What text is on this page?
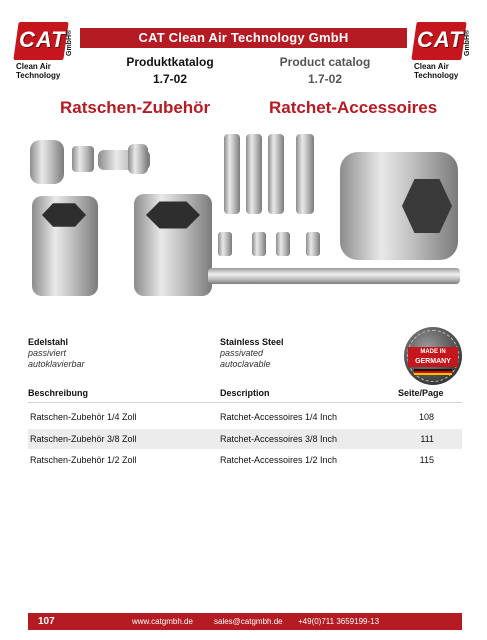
CAT GmbH®
Clean Air
Technology
CAT Clean Air Technology GmbH	CAT GmbH®
Clean Air
Technology
Produktkatalog	Product catalog
1.7-02	1.7-02
Ratschen-Zubehör	Ratchet-Accessoires
Edelstahl
passiviert
autoklavierbar
Stainless Steel
passivated
autoclavable
MADE IN
GERMANY
Beschreibung	Description	Seite/Page
Ratschen-Zubehör 1/4 Zoll	Ratchet-Accessoires 1/4 Inch	108
Ratschen-Zubehör 3/8 Zoll	Ratchet-Accessoires 3/8 Inch	111
Ratschen-Zubehör 1/2 Zoll	Ratchet-Accessoires 1/2 Inch	115
107	www.catgmbh.de	sales@catgmbh.de +49(0)711 3659199-13
